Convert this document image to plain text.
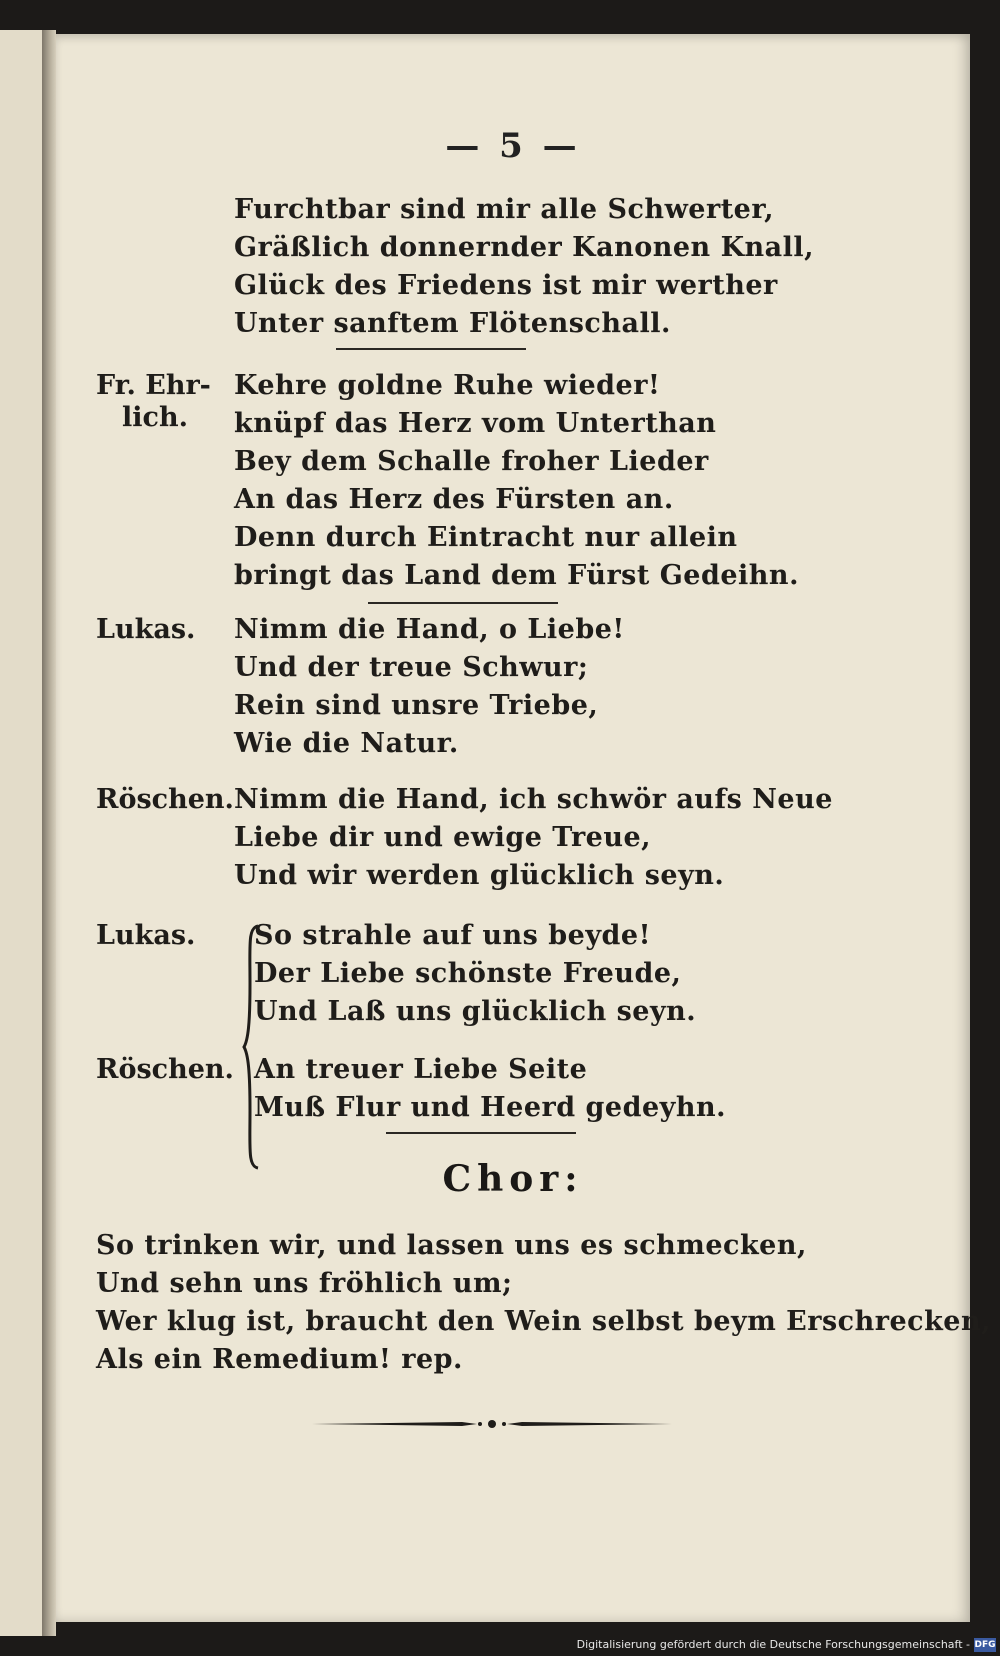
— 5 —
Furchtbar sind mir alle Schwerter,
Gräßlich donnernder Kanonen Knall,
Glück des Friedens ist mir werther
Unter sanftem Flötenschall.
Fr. Ehr-
lich.
Kehre goldne Ruhe wieder!
knüpf das Herz vom Unterthan
Bey dem Schalle froher Lieder
An das Herz des Fürsten an.
Denn durch Eintracht nur allein
bringt das Land dem Fürst Gedeihn.
Lukas. Nimm die Hand, o Liebe!
Und der treue Schwur;
Rein sind unsre Triebe,
Wie die Natur.
Röschen. Nimm die Hand, ich schwör aufs Neue
Liebe dir und ewige Treue,
Und wir werden glücklich seyn.
Lukas. So strahle auf uns beyde!
Der Liebe schönste Freude,
Und Laß uns glücklich seyn.
Röschen. An treuer Liebe Seite
Muß Flur und Heerd gedeyhn.
Chor:
So trinken wir, und lassen uns es schmecken,
Und sehn uns fröhlich um;
Wer klug ist, braucht den Wein selbst beym Erschrecken,
Als ein Remedium! rep.
Digitalisierung gefördert durch die Deutsche Forschungsgemeinschaft - DFG
